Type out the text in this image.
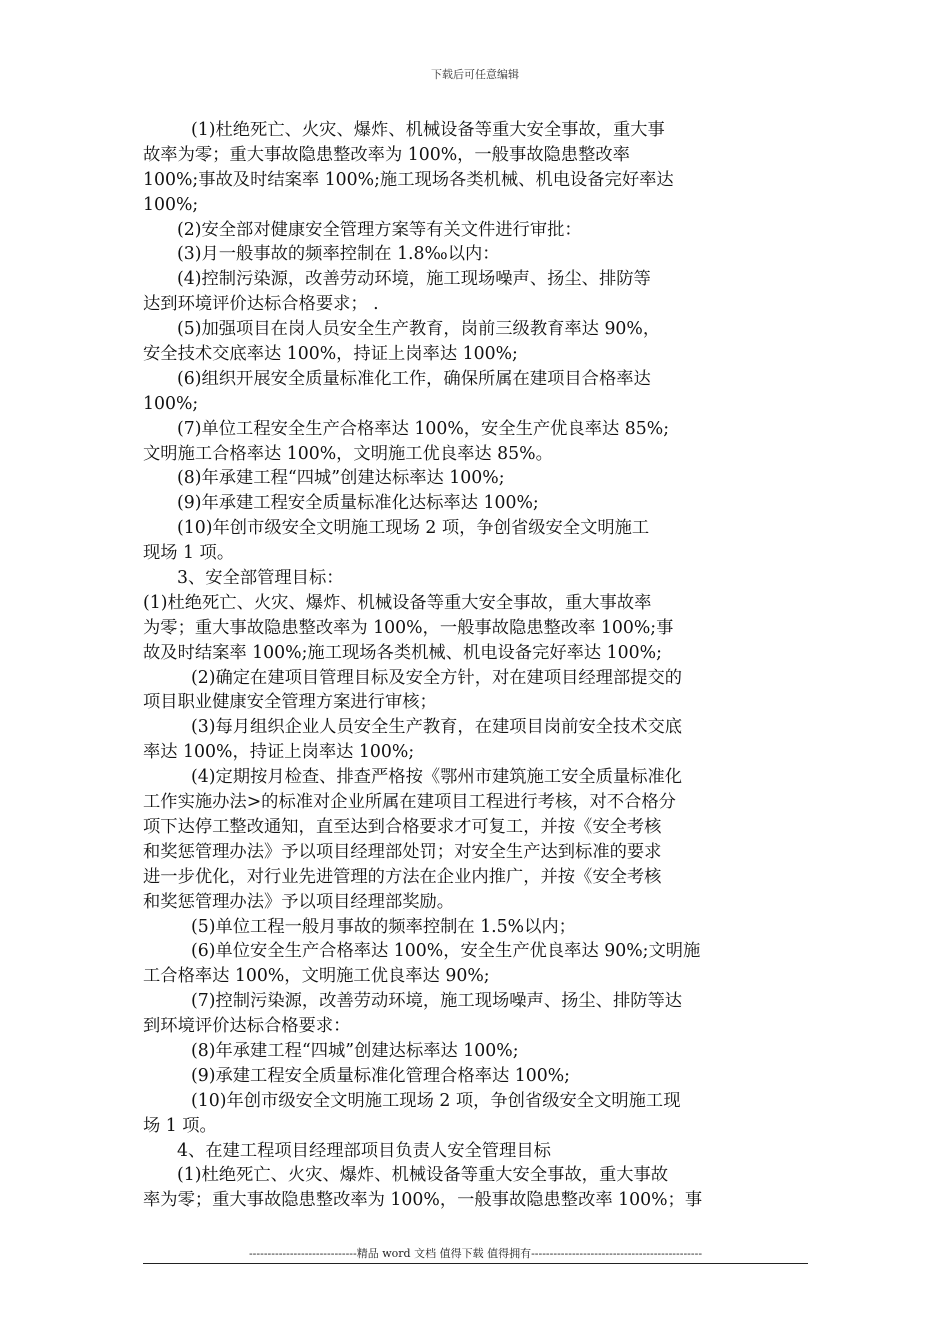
下载后可任意编辑
(1)杜绝死亡、火灾、爆炸、机械设备等重大安全事故，重大事
故率为零；重大事故隐患整改率为 100%，一般事故隐患整改率
100%;事故及时结案率 100%;施工现场各类机械、机电设备完好率达
100%;
(2)安全部对健康安全管理方案等有关文件进行审批：
(3)月一般事故的频率控制在 1.8‰以内：
(4)控制污染源，改善劳动环境，施工现场噪声、扬尘、排防等
达到环境评价达标合格要求； .
(5)加强项目在岗人员安全生产教育，岗前三级教育率达 90%，
安全技术交底率达 100%，持证上岗率达 100%;
(6)组织开展安全质量标准化工作，确保所属在建项目合格率达
100%;
(7)单位工程安全生产合格率达 100%，安全生产优良率达 85%;
文明施工合格率达 100%，文明施工优良率达 85%。
(8)年承建工程“四城”创建达标率达 100%;
(9)年承建工程安全质量标准化达标率达 100%;
(10)年创市级安全文明施工现场 2 项，争创省级安全文明施工
现场 1 项。
3、安全部管理目标：
(1)杜绝死亡、火灾、爆炸、机械设备等重大安全事故，重大事故率
为零；重大事故隐患整改率为 100%，一般事故隐患整改率 100%;事
故及时结案率 100%;施工现场各类机械、机电设备完好率达 100%;
(2)确定在建项目管理目标及安全方针，对在建项目经理部提交的
项目职业健康安全管理方案进行审核；
(3)每月组织企业人员安全生产教育，在建项目岗前安全技术交底
率达 100%，持证上岗率达 100%;
(4)定期按月检查、排查严格按《鄂州市建筑施工安全质量标准化
工作实施办法>的标准对企业所属在建项目工程进行考核，对不合格分
项下达停工整改通知，直至达到合格要求才可复工，并按《安全考核
和奖惩管理办法》予以项目经理部处罚；对安全生产达到标准的要求
进一步优化，对行业先进管理的方法在企业内推广，并按《安全考核
和奖惩管理办法》予以项目经理部奖励。
(5)单位工程一般月事故的频率控制在 1.5%以内；
(6)单位安全生产合格率达 100%，安全生产优良率达 90%;文明施
工合格率达 100%，文明施工优良率达 90%;
(7)控制污染源，改善劳动环境，施工现场噪声、扬尘、排防等达
到环境评价达标合格要求：
(8)年承建工程“四城”创建达标率达 100%;
(9)承建工程安全质量标准化管理合格率达 100%;
(10)年创市级安全文明施工现场 2 项，争创省级安全文明施工现
场 1 项。
4、在建工程项目经理部项目负责人安全管理目标
(1)杜绝死亡、火灾、爆炸、机械设备等重大安全事故，重大事故
率为零；重大事故隐患整改率为 100%，一般事故隐患整改率 100%；事
-----------------------------精品 word 文档 值得下载 值得拥有----------------------------------------------
